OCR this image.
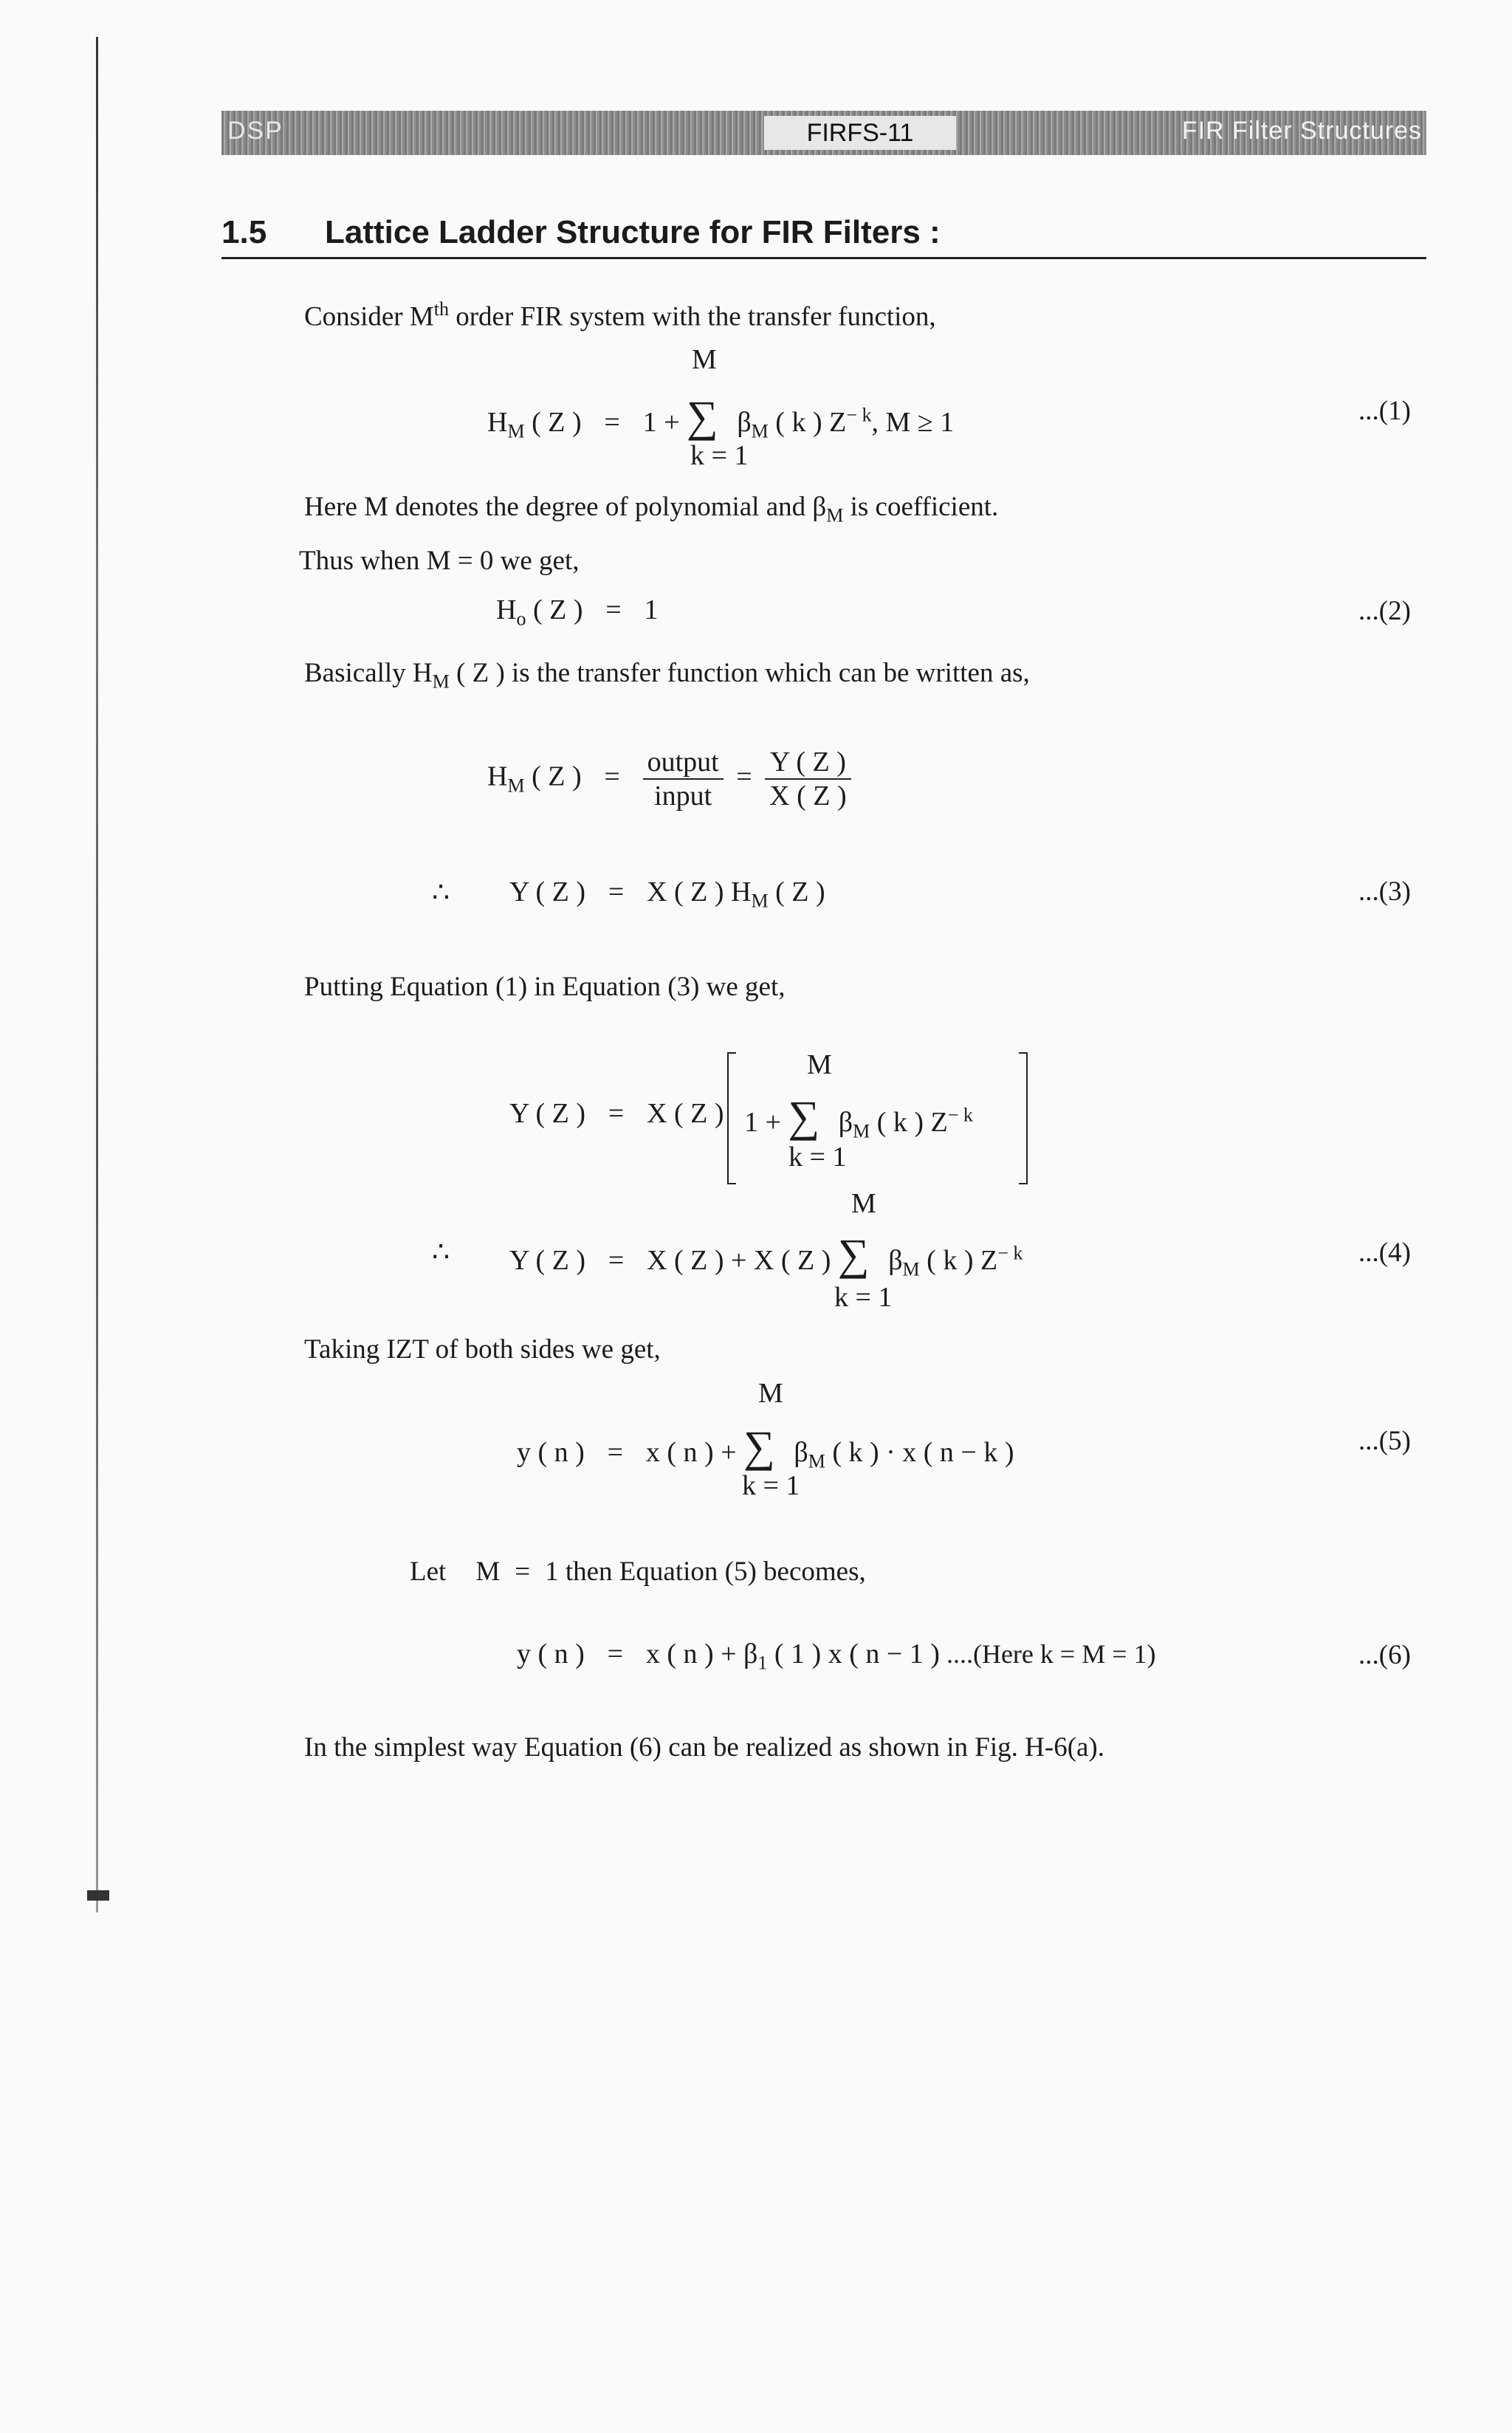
DSP	FIRFS-11	FIR Filter Structures
1.5 Lattice Ladder Structure for FIR Filters :
Consider Mth order FIR system with the transfer function,
M
$H_M$ ( Z ) = 1 + ∑ $\beta_M$ ( k ) $Z^{- k}$, M ≥ 1
k = 1
...(1)
Here M denotes the degree of polynomial and $\beta_M$ is coefficient.
Thus when M = 0 we get,
$H_o$ ( Z ) = 1	...(2)
Basically $H_M$ ( Z ) is the transfer function which can be written as,
$H_M$ ( Z ) = $\frac{\text{output}}{\text{input}} = \frac{Y ( Z )}{X ( Z )}$
∴ Y ( Z ) = X ( Z ) $H_M$ ( Z )	...(3)
Putting Equation (1) in Equation (3) we get,
M
Y ( Z ) = X ( Z ) 1 + ∑ $\beta_M$ ( k ) $Z^{- k}$
k = 1
M
∴ Y ( Z ) = X ( Z ) + X ( Z ) ∑ $\beta_M$ ( k ) $Z^{- k}$
k = 1
...(4)
Taking IZT of both sides we get,
M
y ( n ) = x ( n ) + ∑ $\beta_M$ ( k ) · x ( n − k )
k = 1
...(5)
Let M = 1 then Equation (5) becomes,
y ( n ) = x ( n ) + $\beta_1$ ( 1 ) x ( n − 1 ) ....(Here k = M = 1)	...(6)
In the simplest way Equation (6) can be realized as shown in Fig. H-6(a).
